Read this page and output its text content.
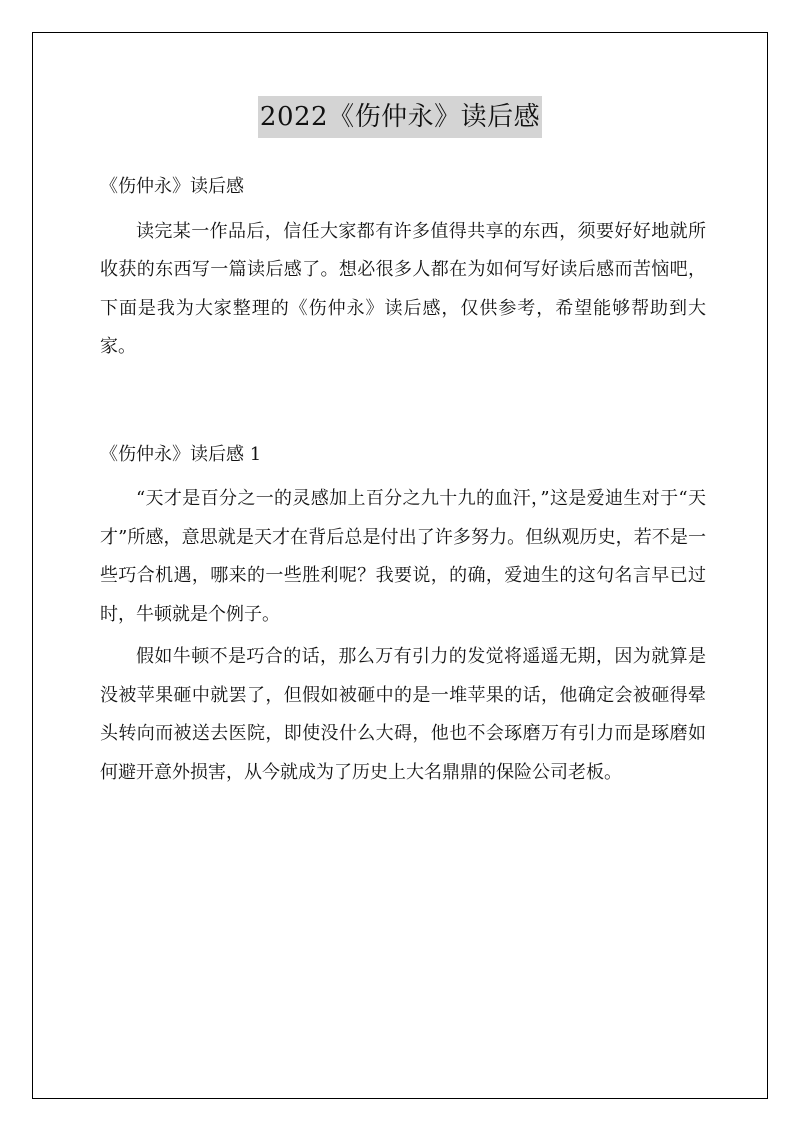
2022《伤仲永》读后感

《伤仲永》读后感

读完某一作品后，信任大家都有许多值得共享的东西，须要好好地就所收获的东西写一篇读后感了。想必很多人都在为如何写好读后感而苦恼吧，下面是我为大家整理的《伤仲永》读后感，仅供参考，希望能够帮助到大家。

《伤仲永》读后感 1

“天才是百分之一的灵感加上百分之九十九的血汗，”这是爱迪生对于“天才”所感，意思就是天才在背后总是付出了许多努力。但纵观历史，若不是一些巧合机遇，哪来的一些胜利呢？我要说，的确，爱迪生的这句名言早已过时，牛顿就是个例子。

假如牛顿不是巧合的话，那么万有引力的发觉将遥遥无期，因为就算是没被苹果砸中就罢了，但假如被砸中的是一堆苹果的话，他确定会被砸得晕头转向而被送去医院，即使没什么大碍，他也不会琢磨万有引力而是琢磨如何避开意外损害，从今就成为了历史上大名鼎鼎的保险公司老板。
